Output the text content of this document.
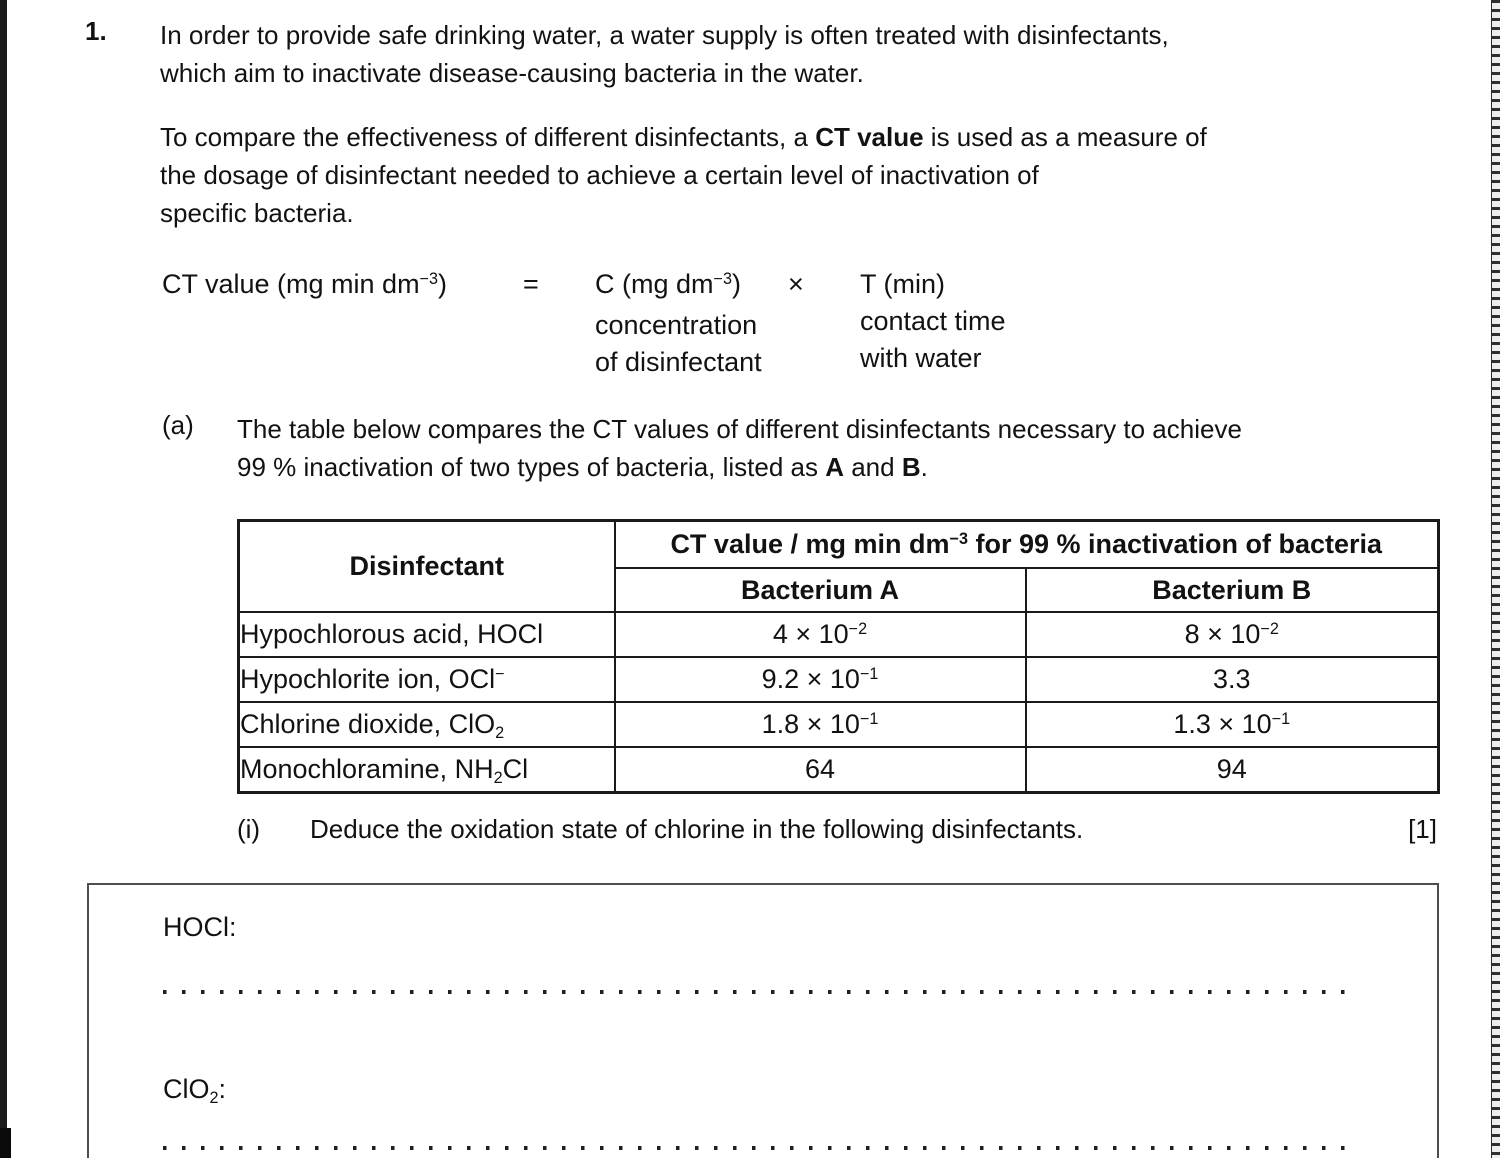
1. In order to provide safe drinking water, a water supply is often treated with disinfectants,
which aim to inactivate disease-causing bacteria in the water.
To compare the effectiveness of different disinfectants, a CT value is used as a measure of
the dosage of disinfectant needed to achieve a certain level of inactivation of
specific bacteria.
CT value (mg $\min dm^{-3}$)	= C (mg $dm^{-3}$)
concentration
of disinfectant
× T (min)
contact time
with water
(a) The table below compares the CT values of different disinfectants necessary to achieve
99 % inactivation of two types of bacteria, listed as A and B.
Disinfectant	CT value / mg $\min dm^{-3}$ for 99 % inactivation of bacteria	
	Bacterium A	Bacterium B
Hypochlorous acid, HOCl	$4 \times 10^{-2}$	$8 \times 10^{-2}$
Hypochlorite ion, OCl−	$9.2 \times 10^{-1}$	3.3
Chlorine dioxide, ClO$_2$	$1.8 \times 10^{-1}$	$1.3 \times 10^{-1}$
Monochloramine, $NH_2Cl$	64	94
(i) Deduce the oxidation state of chlorine in the following disinfectants.	[1]
HOCl:
ClO$_2$:
